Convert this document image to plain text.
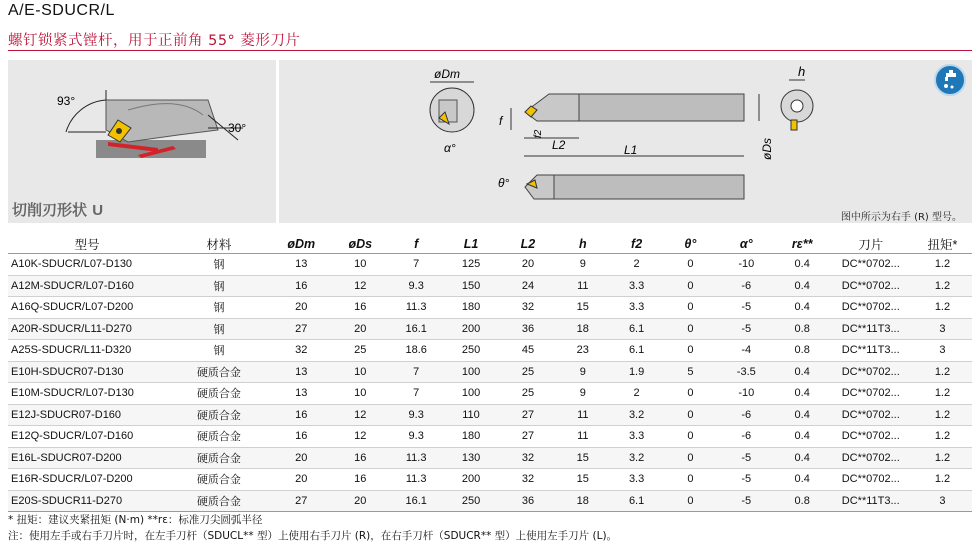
A/E-SDUCR/L
螺钉锁紧式镗杆，用于正前角 55° 菱形刀片
93°
30°
切削刃形状 U
øDm
α°
f
f2
L2	L1	øDs
h
θ°
图中所示为右手 (R) 型号。
型号	材料	øDm	øDs	f	L1	L2	h	f2	θ°	α°	rε**	刀片	扭矩*
A10K-SDUCR/L07-D130	钢	13	10	7	125	20	9	2	0	-10	0.4	DC**0702...	1.2
A12M-SDUCR/L07-D160	钢	16	12	9.3	150	24	11	3.3	0	-6	0.4	DC**0702...	1.2
A16Q-SDUCR/L07-D200	钢	20	16	11.3	180	32	15	3.3	0	-5	0.4	DC**0702...	1.2
A20R-SDUCR/L11-D270	钢	27	20	16.1	200	36	18	6.1	0	-5	0.8	DC**11T3...	3
A25S-SDUCR/L11-D320	钢	32	25	18.6	250	45	23	6.1	0	-4	0.8	DC**11T3...	3
E10H-SDUCR07-D130	硬质合金	13	10	7	100	25	9	1.9	5	-3.5	0.4	DC**0702...	1.2
E10M-SDUCR/L07-D130	硬质合金	13	10	7	100	25	9	2	0	-10	0.4	DC**0702...	1.2
E12J-SDUCR07-D160	硬质合金	16	12	9.3	110	27	11	3.2	0	-6	0.4	DC**0702...	1.2
E12Q-SDUCR/L07-D160	硬质合金	16	12	9.3	180	27	11	3.3	0	-6	0.4	DC**0702...	1.2
E16L-SDUCR07-D200	硬质合金	20	16	11.3	130	32	15	3.2	0	-5	0.4	DC**0702...	1.2
E16R-SDUCR/L07-D200	硬质合金	20	16	11.3	200	32	15	3.3	0	-5	0.4	DC**0702...	1.2
E20S-SDUCR11-D270	硬质合金	27	20	16.1	250	36	18	6.1	0	-5	0.8	DC**11T3...	3
* 扭矩：建议夹紧扭矩 (N·m) **rε：标准刀尖圆弧半径
注：使用左手或右手刀片时，在左手刀杆（SDUCL** 型）上使用右手刀片 (R)，在右手刀杆（SDUCR** 型）上使用左手刀片 (L)。
